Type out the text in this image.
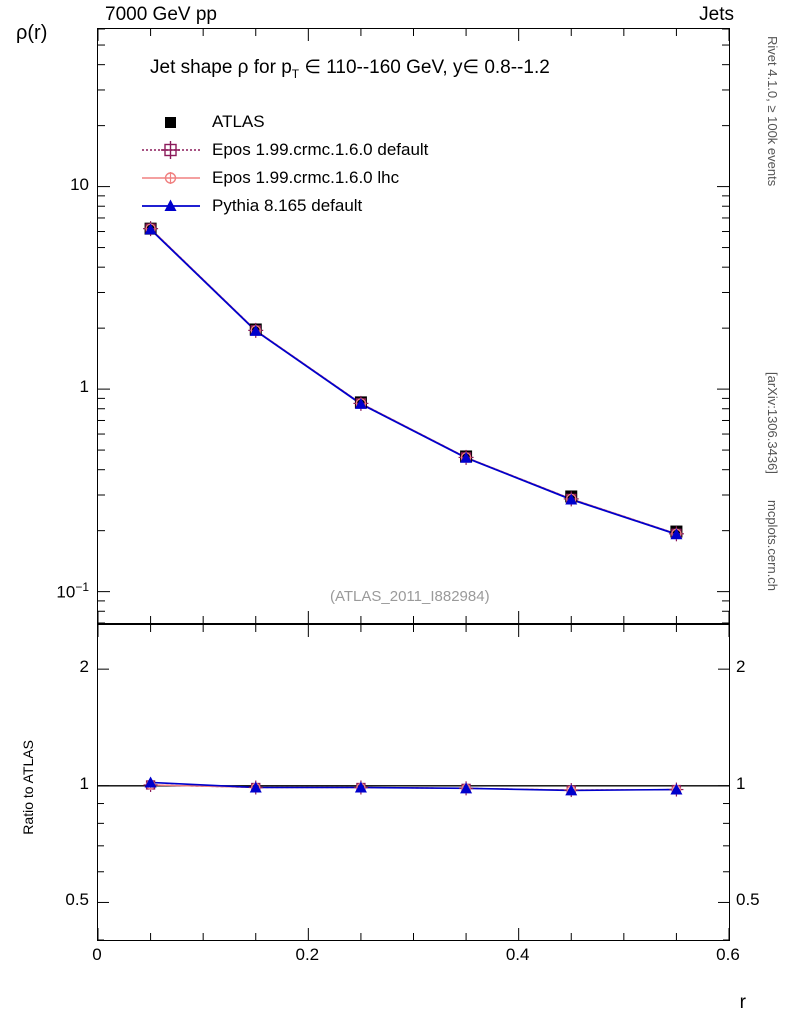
7000 GeV pp	Jets
Rivet 4.1.0, ≥ 100k events
[arXiv:1306.3436]
mcplots.cern.ch
ρ(r)
Ratio to ATLAS
r
Jet shape ρ for $p_T$ ∈ 110--160 GeV, y∈ 0.8--1.2
ATLAS
Epos 1.99.crmc.1.6.0 default
Epos 1.99.crmc.1.6.0 lhc
Pythia 8.165 default
(ATLAS_2011_I882984)
$10^{-1}$
1
10
0.5	0.5
1	1
2	2
0	0.2	0.4	0.6
